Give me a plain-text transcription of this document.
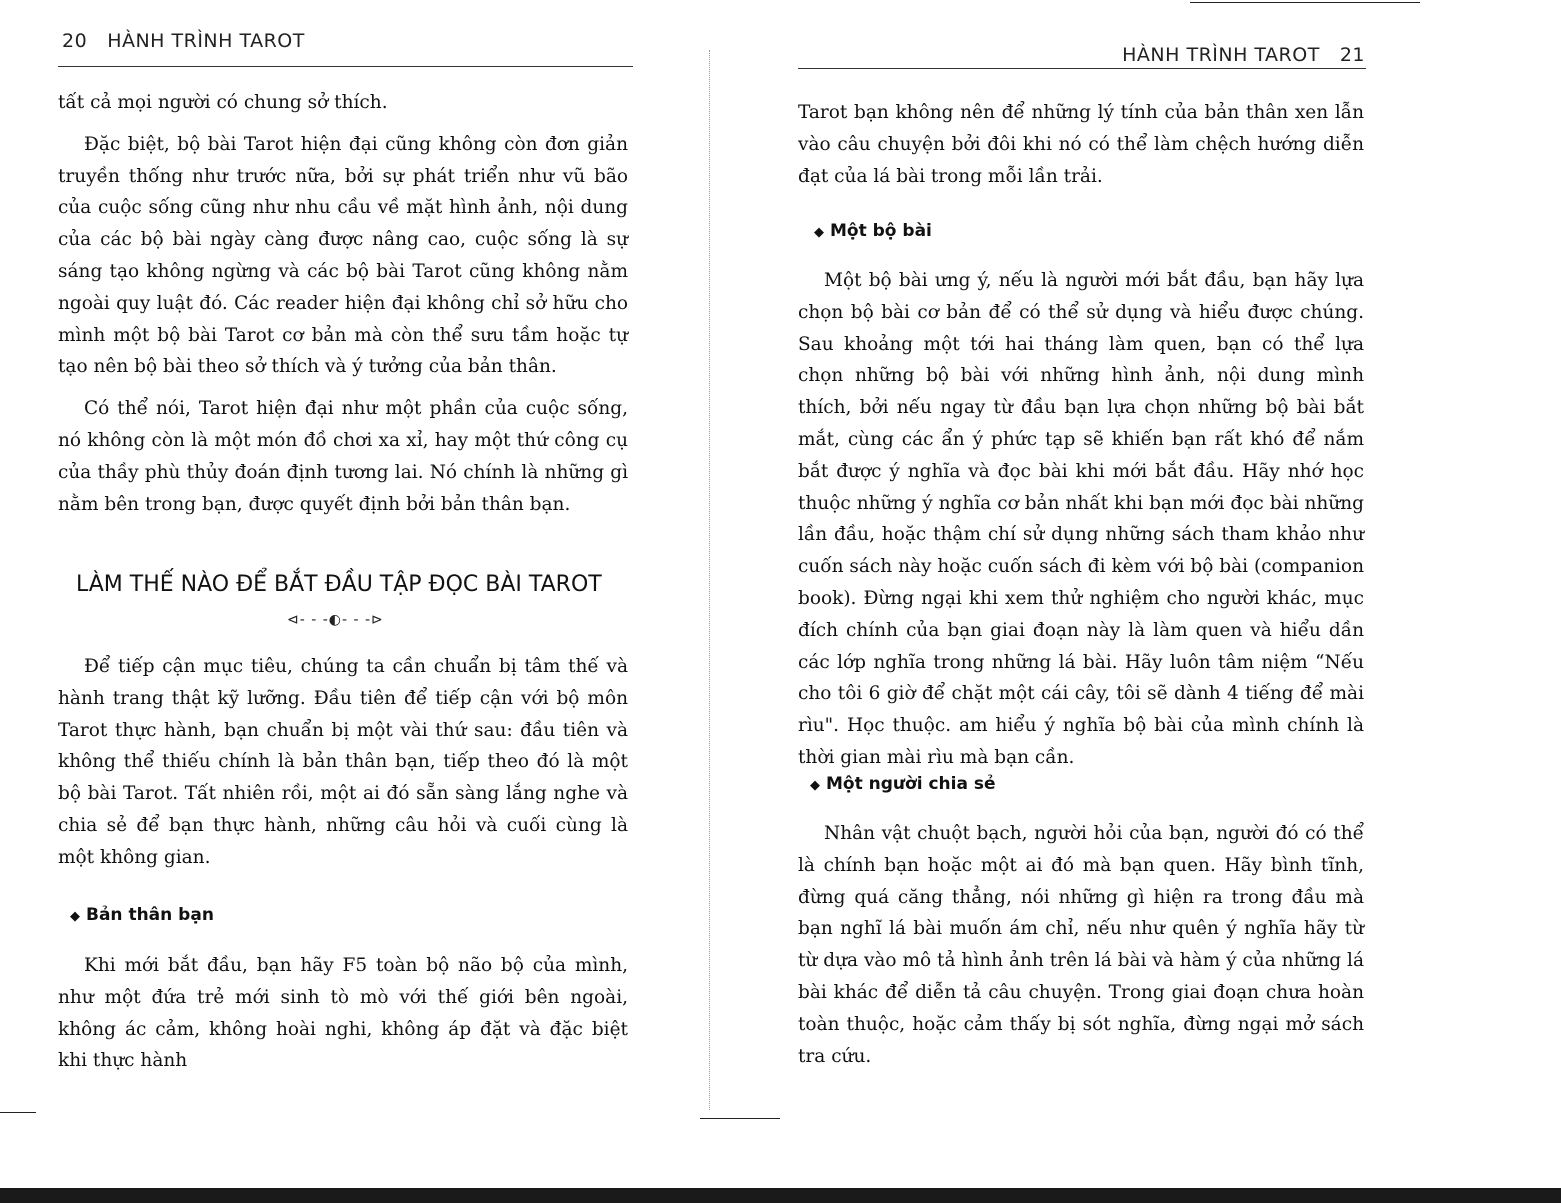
20 HÀNH TRÌNH TAROT

tất cả mọi người có chung sở thích.

Đặc biệt, bộ bài Tarot hiện đại cũng không còn đơn giản truyền thống như trước nữa, bởi sự phát triển như vũ bão của cuộc sống cũng như nhu cầu về mặt hình ảnh, nội dung của các bộ bài ngày càng được nâng cao, cuộc sống là sự sáng tạo không ngừng và các bộ bài Tarot cũng không nằm ngoài quy luật đó. Các reader hiện đại không chỉ sở hữu cho mình một bộ bài Tarot cơ bản mà còn thể sưu tầm hoặc tự tạo nên bộ bài theo sở thích và ý tưởng của bản thân.

Có thể nói, Tarot hiện đại như một phần của cuộc sống, nó không còn là một món đồ chơi xa xỉ, hay một thứ công cụ của thầy phù thủy đoán định tương lai. Nó chính là những gì nằm bên trong bạn, được quyết định bởi bản thân bạn.

LÀM THẾ NÀO ĐỂ BẮT ĐẦU TẬP ĐỌC BÀI TAROT
⊲- - -◐- - -⊳

Để tiếp cận mục tiêu, chúng ta cần chuẩn bị tâm thế và hành trang thật kỹ lưỡng. Đầu tiên để tiếp cận với bộ môn Tarot thực hành, bạn chuẩn bị một vài thứ sau: đầu tiên và không thể thiếu chính là bản thân bạn, tiếp theo đó là một bộ bài Tarot. Tất nhiên rồi, một ai đó sẵn sàng lắng nghe và chia sẻ để bạn thực hành, những câu hỏi và cuối cùng là một không gian.

◆ Bản thân bạn

Khi mới bắt đầu, bạn hãy F5 toàn bộ não bộ của mình, như một đứa trẻ mới sinh tò mò với thế giới bên ngoài, không ác cảm, không hoài nghi, không áp đặt và đặc biệt khi thực hành

HÀNH TRÌNH TAROT 21

Tarot bạn không nên để những lý tính của bản thân xen lẫn vào câu chuyện bởi đôi khi nó có thể làm chệch hướng diễn đạt của lá bài trong mỗi lần trải.

◆ Một bộ bài

Một bộ bài ưng ý, nếu là người mới bắt đầu, bạn hãy lựa chọn bộ bài cơ bản để có thể sử dụng và hiểu được chúng. Sau khoảng một tới hai tháng làm quen, bạn có thể lựa chọn những bộ bài với những hình ảnh, nội dung mình thích, bởi nếu ngay từ đầu bạn lựa chọn những bộ bài bắt mắt, cùng các ẩn ý phức tạp sẽ khiến bạn rất khó để nắm bắt được ý nghĩa và đọc bài khi mới bắt đầu. Hãy nhớ học thuộc những ý nghĩa cơ bản nhất khi bạn mới đọc bài những lần đầu, hoặc thậm chí sử dụng những sách tham khảo như cuốn sách này hoặc cuốn sách đi kèm với bộ bài (companion book). Đừng ngại khi xem thử nghiệm cho người khác, mục đích chính của bạn giai đoạn này là làm quen và hiểu dần các lớp nghĩa trong những lá bài. Hãy luôn tâm niệm “Nếu cho tôi 6 giờ để chặt một cái cây, tôi sẽ dành 4 tiếng để mài rìu". Học thuộc. am hiểu ý nghĩa bộ bài của mình chính là thời gian mài rìu mà bạn cần.

◆ Một người chia sẻ

Nhân vật chuột bạch, người hỏi của bạn, người đó có thể là chính bạn hoặc một ai đó mà bạn quen. Hãy bình tĩnh, đừng quá căng thẳng, nói những gì hiện ra trong đầu mà bạn nghĩ lá bài muốn ám chỉ, nếu như quên ý nghĩa hãy từ từ dựa vào mô tả hình ảnh trên lá bài và hàm ý của những lá bài khác để diễn tả câu chuyện. Trong giai đoạn chưa hoàn toàn thuộc, hoặc cảm thấy bị sót nghĩa, đừng ngại mở sách tra cứu.
